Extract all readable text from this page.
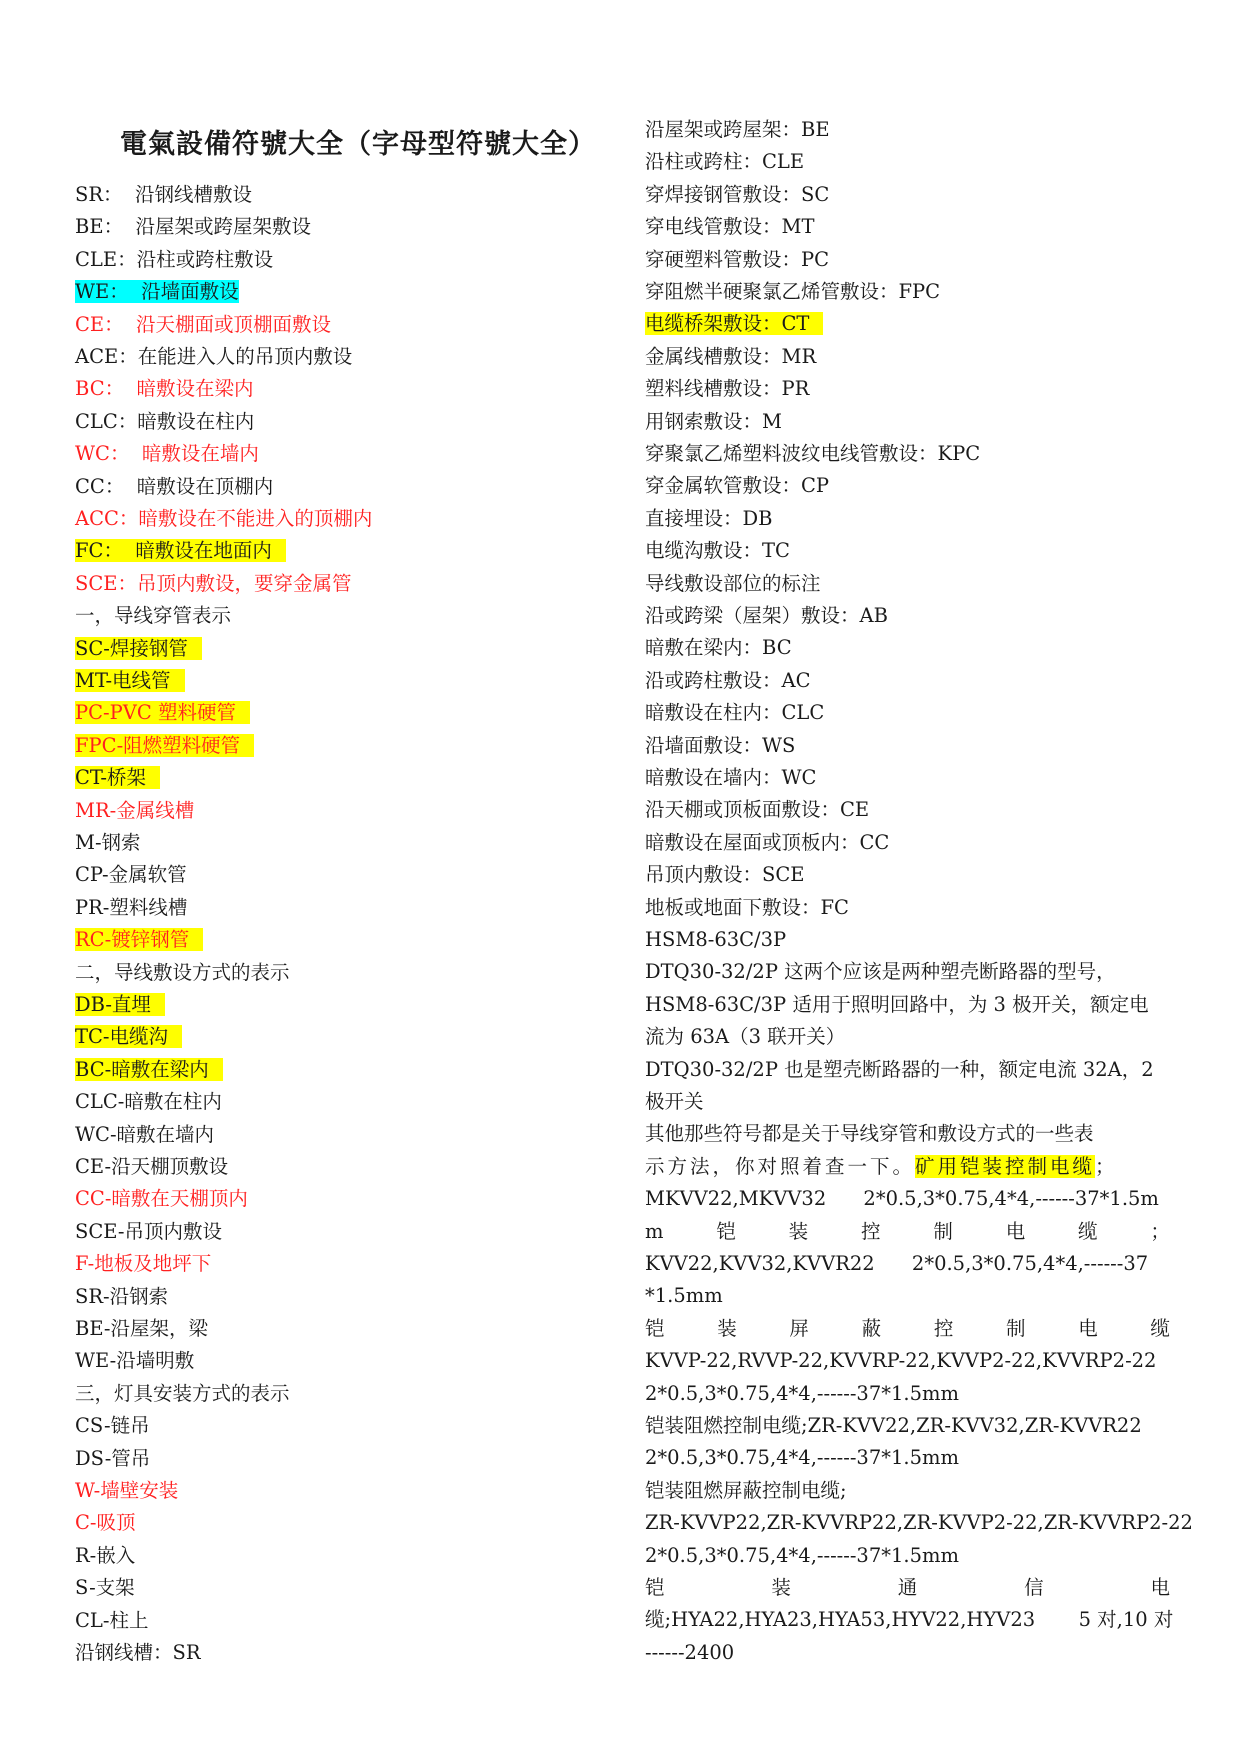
電氣設備符號大全（字母型符號大全）
SR：  沿钢线槽敷设
BE：  沿屋架或跨屋架敷设
CLE：沿柱或跨柱敷设
WE：  沿墙面敷设
CE：  沿天棚面或顶棚面敷设
ACE：在能进入人的吊顶内敷设
BC：  暗敷设在梁内
CLC：暗敷设在柱内
WC：  暗敷设在墙内
CC：  暗敷设在顶棚内
ACC：暗敷设在不能进入的顶棚内
FC：  暗敷设在地面内
SCE：吊顶内敷设，要穿金属管
一，导线穿管表示
SC-焊接钢管
MT-电线管
PC-PVC 塑料硬管
FPC-阻燃塑料硬管
CT-桥架
MR-金属线槽
M-钢索
CP-金属软管
PR-塑料线槽
RC-镀锌钢管
二，导线敷设方式的表示
DB-直埋
TC-电缆沟
BC-暗敷在梁内
CLC-暗敷在柱内
WC-暗敷在墙内
CE-沿天棚顶敷设
CC-暗敷在天棚顶内
SCE-吊顶内敷设
F-地板及地坪下
SR-沿钢索
BE-沿屋架，梁
WE-沿墙明敷
三，灯具安装方式的表示
CS-链吊
DS-管吊
W-墙壁安装
C-吸顶
R-嵌入
S-支架
CL-柱上
沿钢线槽：SR
沿屋架或跨屋架：BE
沿柱或跨柱：CLE
穿焊接钢管敷设：SC
穿电线管敷设：MT
穿硬塑料管敷设：PC
穿阻燃半硬聚氯乙烯管敷设：FPC
电缆桥架敷设：CT
金属线槽敷设：MR
塑料线槽敷设：PR
用钢索敷设：M
穿聚氯乙烯塑料波纹电线管敷设：KPC
穿金属软管敷设：CP
直接埋设：DB
电缆沟敷设：TC
导线敷设部位的标注
沿或跨梁（屋架）敷设：AB
暗敷在梁内：BC
沿或跨柱敷设：AC
暗敷设在柱内：CLC
沿墙面敷设：WS
暗敷设在墙内：WC
沿天棚或顶板面敷设：CE
暗敷设在屋面或顶板内：CC
吊顶内敷设：SCE
地板或地面下敷设：FC
HSM8-63C/3P
DTQ30-32/2P 这两个应该是两种塑壳断路器的型号，
HSM8-63C/3P 适用于照明回路中，为 3 极开关，额定电
流为 63A（3 联开关）
DTQ30-32/2P 也是塑壳断路器的一种，额定电流 32A，2
极开关
其他那些符号都是关于导线穿管和敷设方式的一些表
示方法，你对照着查一下。矿用铠装控制电缆；
MKVV22,MKVV32      2*0.5,3*0.75,4*4,------37*1.5m
m	铠	装	控	制	电	缆	；
KVV22,KVV32,KVVR22      2*0.5,3*0.75,4*4,------37
*1.5mm
铠	装	屏	蔽	控	制	电	缆
KVVP-22,RVVP-22,KVVRP-22,KVVP2-22,KVVRP2-22
2*0.5,3*0.75,4*4,------37*1.5mm
铠装阻燃控制电缆;ZR-KVV22,ZR-KVV32,ZR-KVVR22
2*0.5,3*0.75,4*4,------37*1.5mm
铠装阻燃屏蔽控制电缆;
ZR-KVVP22,ZR-KVVRP22,ZR-KVVP2-22,ZR-KVVRP2-22
2*0.5,3*0.75,4*4,------37*1.5mm
铠	装	通	信	电
缆;HYA22,HYA23,HYA53,HYV22,HYV23       5 对,10 对
------2400
